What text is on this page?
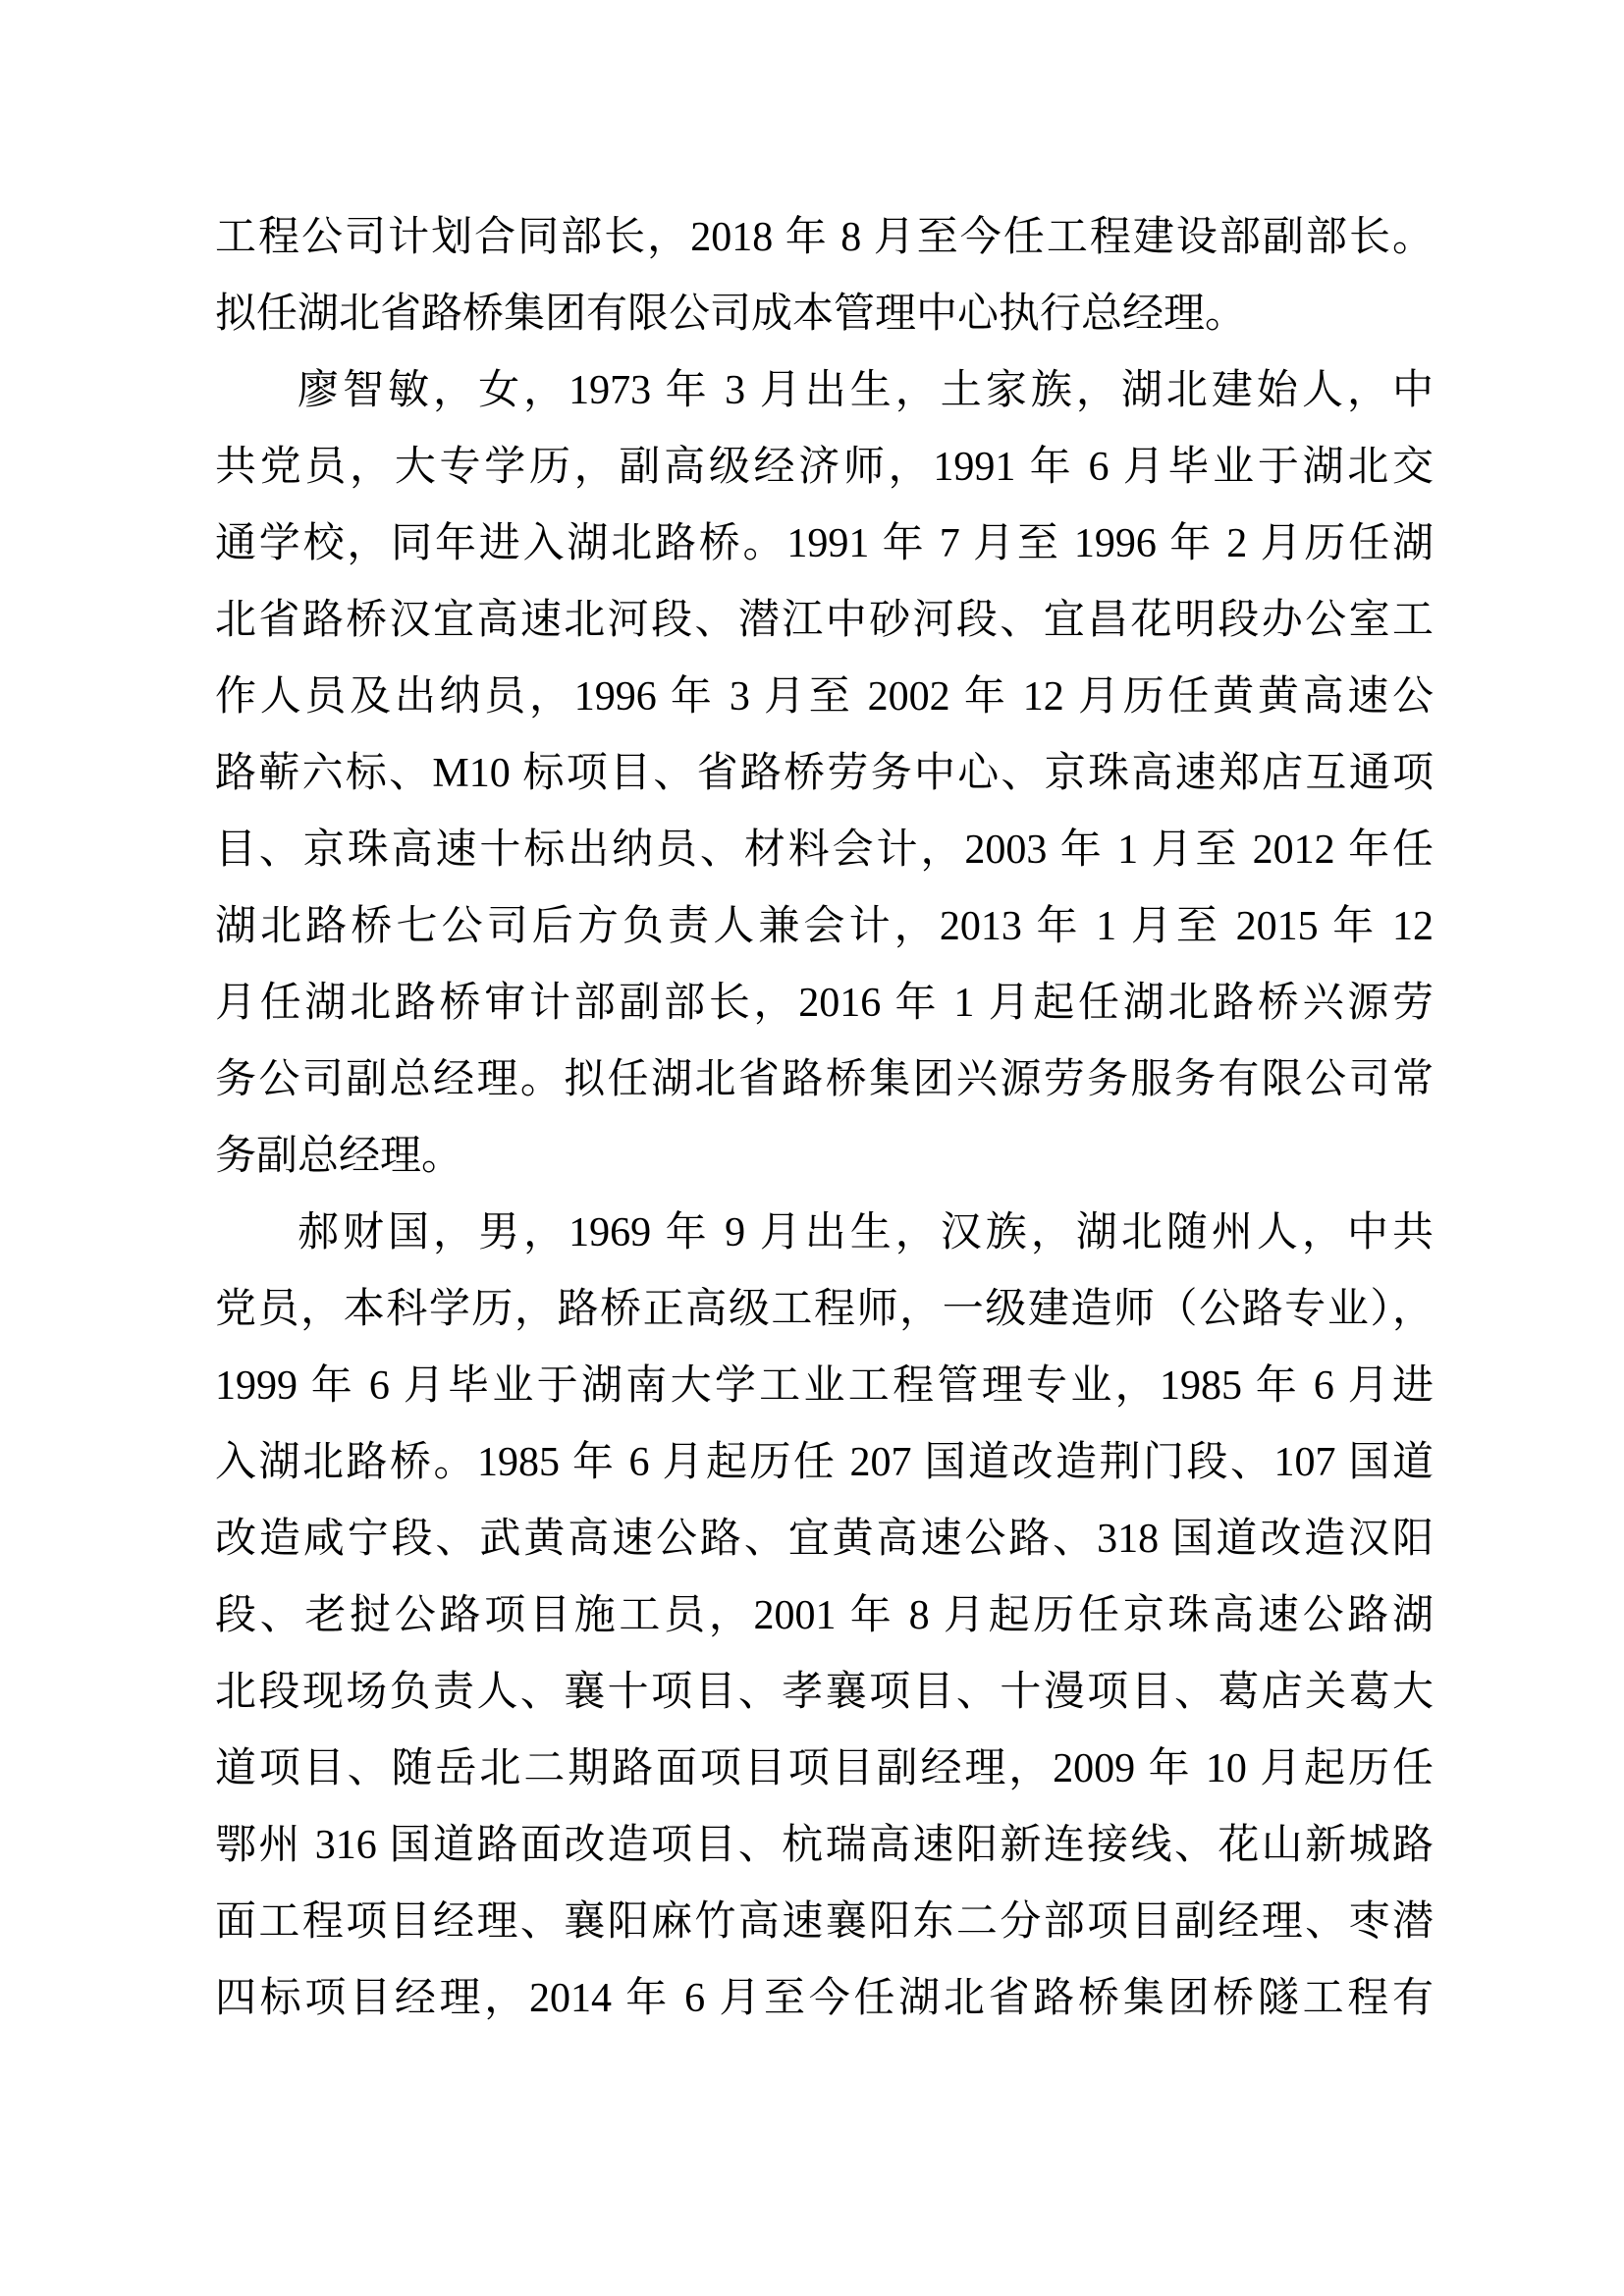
工程公司计划合同部长，2018 年 8 月至今任工程建设部副部长。
拟任湖北省路桥集团有限公司成本管理中心执行总经理。
廖智敏，女，1973 年 3 月出生，土家族，湖北建始人，中
共党员，大专学历，副高级经济师，1991 年 6 月毕业于湖北交
通学校，同年进入湖北路桥。1991 年 7 月至 1996 年 2 月历任湖
北省路桥汉宜高速北河段、潜江中砂河段、宜昌花明段办公室工
作人员及出纳员，1996 年 3 月至 2002 年 12 月历任黄黄高速公
路蕲六标、M10 标项目、省路桥劳务中心、京珠高速郑店互通项
目、京珠高速十标出纳员、材料会计，2003 年 1 月至 2012 年任
湖北路桥七公司后方负责人兼会计，2013 年 1 月至 2015 年 12
月任湖北路桥审计部副部长，2016 年 1 月起任湖北路桥兴源劳
务公司副总经理。拟任湖北省路桥集团兴源劳务服务有限公司常
务副总经理。
郝财国，男，1969 年 9 月出生，汉族，湖北随州人，中共
党员，本科学历，路桥正高级工程师，一级建造师（公路专业），
1999 年 6 月毕业于湖南大学工业工程管理专业，1985 年 6 月进
入湖北路桥。1985 年 6 月起历任 207 国道改造荆门段、107 国道
改造咸宁段、武黄高速公路、宜黄高速公路、318 国道改造汉阳
段、老挝公路项目施工员，2001 年 8 月起历任京珠高速公路湖
北段现场负责人、襄十项目、孝襄项目、十漫项目、葛店关葛大
道项目、随岳北二期路面项目项目副经理，2009 年 10 月起历任
鄂州 316 国道路面改造项目、杭瑞高速阳新连接线、花山新城路
面工程项目经理、襄阳麻竹高速襄阳东二分部项目副经理、枣潜
四标项目经理，2014 年 6 月至今任湖北省路桥集团桥隧工程有
